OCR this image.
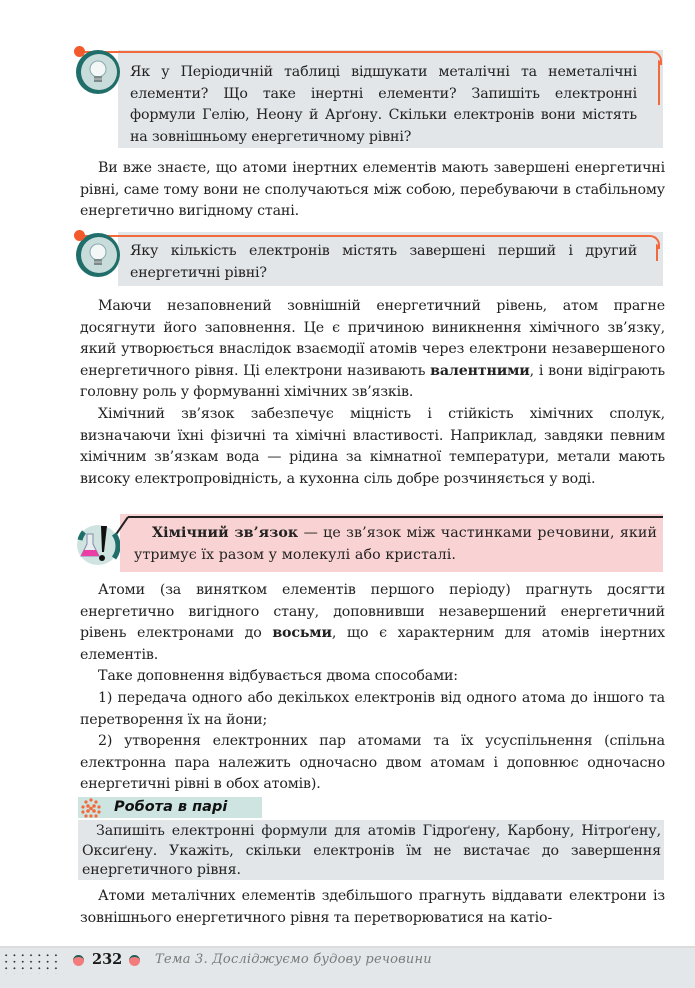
Як у Періодичній таблиці відшукати металічні та неметалічні елементи? Що таке інертні елементи? Запишіть електронні формули Гелію, Неону й Арґону. Скільки електронів вони містять на зовнішньому енергетичному рівні?
Ви вже знаєте, що атоми інертних елементів мають завершені енергетичні рівні, саме тому вони не сполучаються між собою, перебуваючи в стабільному енергетично вигідному стані.
Яку кількість електронів містять завершені перший і другий енергетичні рівні?
Маючи незаповнений зовнішній енергетичний рівень, атом прагне досягнути його заповнення. Це є причиною виникнення хімічного зв’язку, який утворюється внаслідок взаємодії атомів через електрони незавершеного енергетичного рівня. Ці електрони називають валентними, і вони відіграють головну роль у формуванні хімічних зв’язків.
Хімічний зв’язок забезпечує міцність і стійкість хімічних сполук, визначаючи їхні фізичні та хімічні властивості. Наприклад, завдяки певним хімічним зв’язкам вода — рідина за кімнатної температури, метали мають високу електропровідність, а кухонна сіль добре розчиняється у воді.
Хімічний зв’язок — це зв’язок між частинками речовини, який утримує їх разом у молекулі або кристалі.
Атоми (за винятком елементів першого періоду) прагнуть досягти енергетично вигідного стану, доповнивши незавершений енергетичний рівень електронами до восьми, що є характерним для атомів інертних елементів.
Таке доповнення відбувається двома способами:
1) передача одного або декількох електронів від одного атома до іншого та перетворення їх на йони;
2) утворення електронних пар атомами та їх усуспільнення (спільна електронна пара належить одночасно двом атомам і доповнює одночасно енергетичні рівні в обох атомів).
Робота в парі
Запишіть електронні формули для атомів Гідроґену, Карбону, Нітроґену, Оксиґену. Укажіть, скільки електронів їм не вистачає до завершення енергетичного рівня.
Атоми металічних елементів здебільшого прагнуть віддавати електрони із зовнішнього енергетичного рівня та перетворюватися на катіо-
232	Тема 3. Досліджуємо будову речовини
